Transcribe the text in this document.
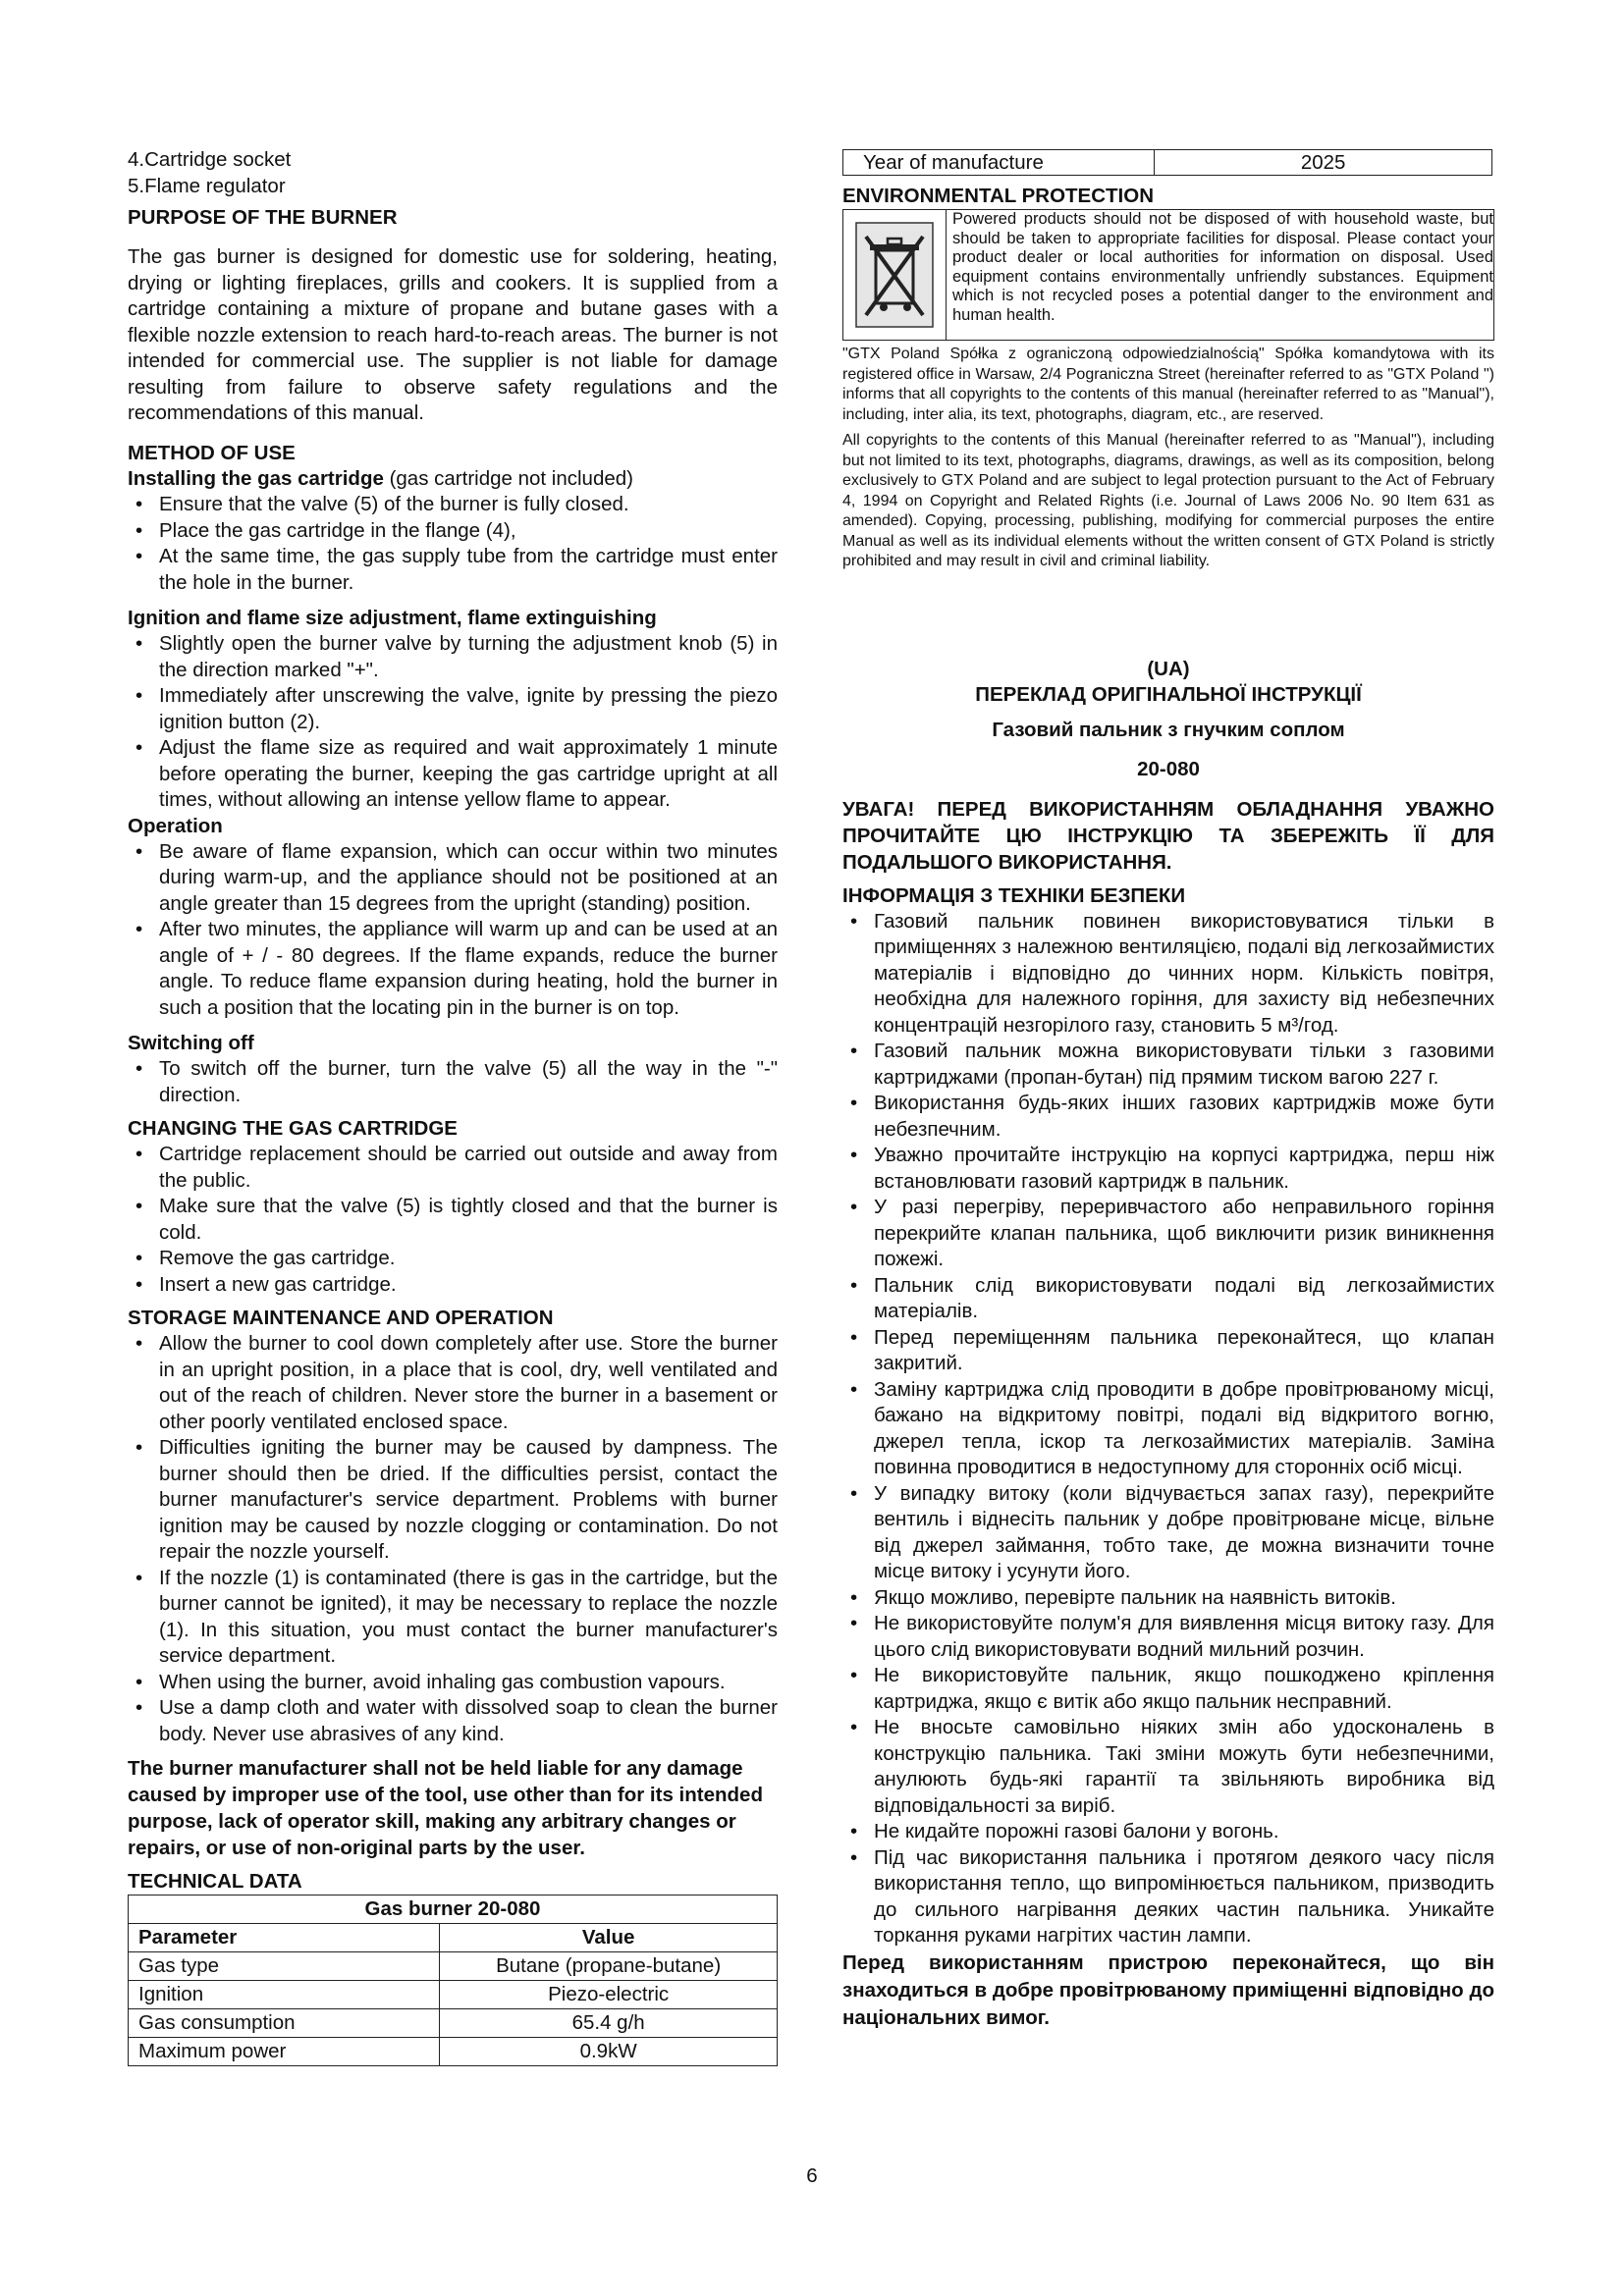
4.Cartridge socket

5.Flame regulator

PURPOSE OF THE BURNER

The gas burner is designed for domestic use for soldering, heating, drying or lighting fireplaces, grills and cookers. It is supplied from a cartridge containing a mixture of propane and butane gases with a flexible nozzle extension to reach hard-to-reach areas. The burner is not intended for commercial use. The supplier is not liable for damage resulting from failure to observe safety regulations and the recommendations of this manual.

METHOD OF USE

Installing the gas cartridge (gas cartridge not included)

• Ensure that the valve (5) of the burner is fully closed.
• Place the gas cartridge in the flange (4),
• At the same time, the gas supply tube from the cartridge must enter the hole in the burner.

Ignition and flame size adjustment, flame extinguishing

• Slightly open the burner valve by turning the adjustment knob (5) in the direction marked "+".
• Immediately after unscrewing the valve, ignite by pressing the piezo ignition button (2).
• Adjust the flame size as required and wait approximately 1 minute before operating the burner, keeping the gas cartridge upright at all times, without allowing an intense yellow flame to appear.

Operation

• Be aware of flame expansion, which can occur within two minutes during warm-up, and the appliance should not be positioned at an angle greater than 15 degrees from the upright (standing) position.
• After two minutes, the appliance will warm up and can be used at an angle of + / - 80 degrees. If the flame expands, reduce the burner angle. To reduce flame expansion during heating, hold the burner in such a position that the locating pin in the burner is on top.

Switching off

• To switch off the burner, turn the valve (5) all the way in the "-" direction.

CHANGING THE GAS CARTRIDGE

• Cartridge replacement should be carried out outside and away from the public.
• Make sure that the valve (5) is tightly closed and that the burner is cold.
• Remove the gas cartridge.
• Insert a new gas cartridge.

STORAGE MAINTENANCE AND OPERATION

• Allow the burner to cool down completely after use. Store the burner in an upright position, in a place that is cool, dry, well ventilated and out of the reach of children. Never store the burner in a basement or other poorly ventilated enclosed space.
• Difficulties igniting the burner may be caused by dampness. The burner should then be dried. If the difficulties persist, contact the burner manufacturer's service department. Problems with burner ignition may be caused by nozzle clogging or contamination. Do not repair the nozzle yourself.
• If the nozzle (1) is contaminated (there is gas in the cartridge, but the burner cannot be ignited), it may be necessary to replace the nozzle (1). In this situation, you must contact the burner manufacturer's service department.
• When using the burner, avoid inhaling gas combustion vapours.
• Use a damp cloth and water with dissolved soap to clean the burner body. Never use abrasives of any kind.

The burner manufacturer shall not be held liable for any damage caused by improper use of the tool, use other than for its intended purpose, lack of operator skill, making any arbitrary changes or repairs, or use of non-original parts by the user.

TECHNICAL DATA

Gas burner 20-080	
Parameter	Value
Gas type	Butane (propane-butane)
Ignition	Piezo-electric
Gas consumption	65.4 g/h
Maximum power	0.9kW
Year of manufacture	2025

ENVIRONMENTAL PROTECTION

Powered products should not be disposed of with household waste, but should be taken to appropriate facilities for disposal. Please contact your product dealer or local authorities for information on disposal. Used equipment contains environmentally unfriendly substances. Equipment which is not recycled poses a potential danger to the environment and human health.

"GTX Poland Spółka z ograniczoną odpowiedzialnością" Spółka komandytowa with its registered office in Warsaw, 2/4 Pograniczna Street (hereinafter referred to as "GTX Poland ") informs that all copyrights to the contents of this manual (hereinafter referred to as "Manual"), including, inter alia, its text, photographs, diagram, etc., are reserved.

All copyrights to the contents of this Manual (hereinafter referred to as "Manual"), including but not limited to its text, photographs, diagrams, drawings, as well as its composition, belong exclusively to GTX Poland and are subject to legal protection pursuant to the Act of February 4, 1994 on Copyright and Related Rights (i.e. Journal of Laws 2006 No. 90 Item 631 as amended). Copying, processing, publishing, modifying for commercial purposes the entire Manual as well as its individual elements without the written consent of GTX Poland is strictly prohibited and may result in civil and criminal liability.

(UA)

ПЕРЕКЛАД ОРИГІНАЛЬНОЇ ІНСТРУКЦІЇ

Газовий пальник з гнучким соплом

20-080

УВАГА! ПЕРЕД ВИКОРИСТАННЯМ ОБЛАДНАННЯ УВАЖНО ПРОЧИТАЙТЕ ЦЮ ІНСТРУКЦІЮ ТА ЗБЕРЕЖІТЬ ЇЇ ДЛЯ ПОДАЛЬШОГО ВИКОРИСТАННЯ.

ІНФОРМАЦІЯ З ТЕХНІКИ БЕЗПЕКИ

• Газовий пальник повинен використовуватися тільки в приміщеннях з належною вентиляцією, подалі від легкозаймистих матеріалів і відповідно до чинних норм. Кількість повітря, необхідна для належного горіння, для захисту від небезпечних концентрацій незгорілого газу, становить 5 м³/год.
• Газовий пальник можна використовувати тільки з газовими картриджами (пропан-бутан) під прямим тиском вагою 227 г.
• Використання будь-яких інших газових картриджів може бути небезпечним.
• Уважно прочитайте інструкцію на корпусі картриджа, перш ніж встановлювати газовий картридж в пальник.
• У разі перегріву, переривчастого або неправильного горіння перекрийте клапан пальника, щоб виключити ризик виникнення пожежі.
• Пальник слід використовувати подалі від легкозаймистих матеріалів.
• Перед переміщенням пальника переконайтеся, що клапан закритий.
• Заміну картриджа слід проводити в добре провітрюваному місці, бажано на відкритому повітрі, подалі від відкритого вогню, джерел тепла, іскор та легкозаймистих матеріалів. Заміна повинна проводитися в недоступному для сторонніх осіб місці.
• У випадку витоку (коли відчувається запах газу), перекрийте вентиль і віднесіть пальник у добре провітрюване місце, вільне від джерел займання, тобто таке, де можна визначити точне місце витоку і усунути його.
• Якщо можливо, перевірте пальник на наявність витоків.
• Не використовуйте полум'я для виявлення місця витоку газу. Для цього слід використовувати водний мильний розчин.
• Не використовуйте пальник, якщо пошкоджено кріплення картриджа, якщо є витік або якщо пальник несправний.
• Не вносьте самовільно ніяких змін або удосконалень в конструкцію пальника. Такі зміни можуть бути небезпечними, анулюють будь-які гарантії та звільняють виробника від відповідальності за виріб.
• Не кидайте порожні газові балони у вогонь.
• Під час використання пальника і протягом деякого часу після використання тепло, що випромінюється пальником, призводить до сильного нагрівання деяких частин пальника. Уникайте торкання руками нагрітих частин лампи.

Перед використанням пристрою переконайтеся, що він знаходиться в добре провітрюваному приміщенні відповідно до національних вимог.

6
